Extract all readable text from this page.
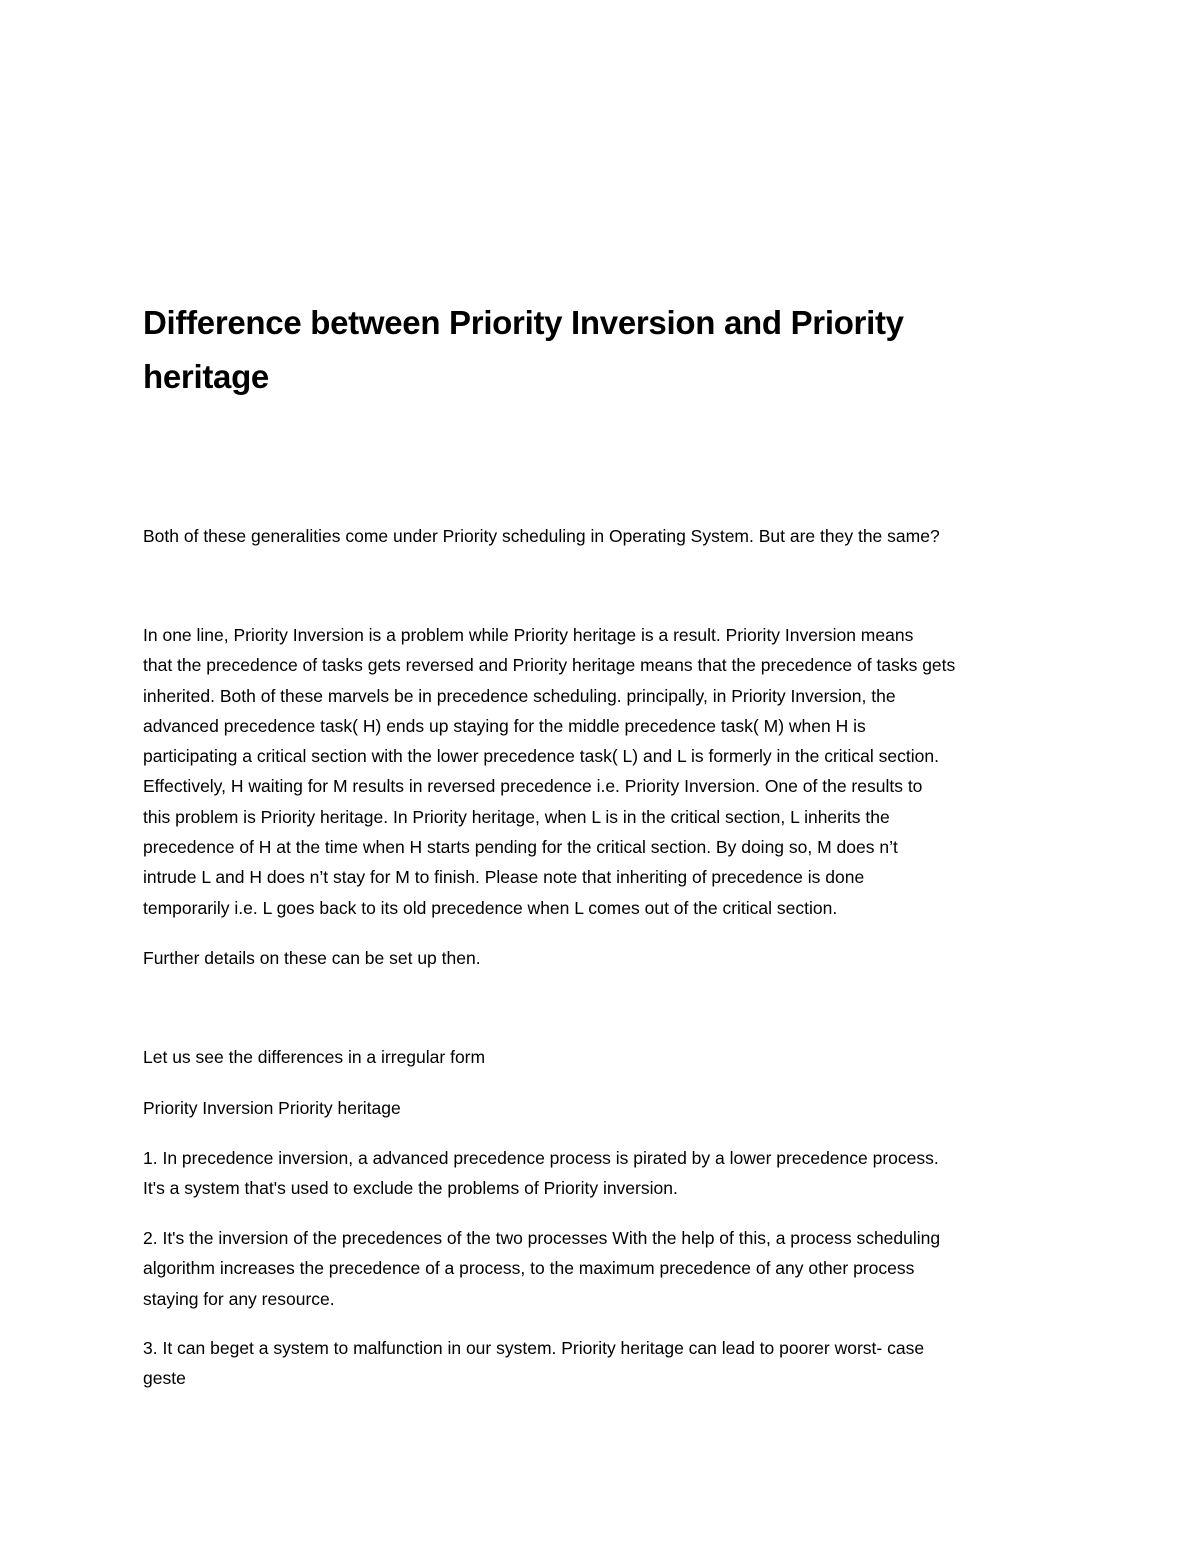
Difference between Priority Inversion and Priority
heritage

Both of these generalities come under Priority scheduling in Operating System. But are they the same?

In one line, Priority Inversion is a problem while Priority heritage is a result. Priority Inversion means
that the precedence of tasks gets reversed and Priority heritage means that the precedence of tasks gets
inherited. Both of these marvels be in precedence scheduling. principally, in Priority Inversion, the
advanced precedence task( H) ends up staying for the middle precedence task( M) when H is
participating a critical section with the lower precedence task( L) and L is formerly in the critical section.
Effectively, H waiting for M results in reversed precedence i.e. Priority Inversion. One of the results to
this problem is Priority heritage. In Priority heritage, when L is in the critical section, L inherits the
precedence of H at the time when H starts pending for the critical section. By doing so, M does n’t
intrude L and H does n’t stay for M to finish. Please note that inheriting of precedence is done
temporarily i.e. L goes back to its old precedence when L comes out of the critical section.

Further details on these can be set up then.

Let us see the differences in a irregular form

Priority Inversion Priority heritage

1. In precedence inversion, a advanced precedence process is pirated by a lower precedence process.
It's a system that's used to exclude the problems of Priority inversion.

2. It's the inversion of the precedences of the two processes With the help of this, a process scheduling
algorithm increases the precedence of a process, to the maximum precedence of any other process
staying for any resource.

3. It can beget a system to malfunction in our system. Priority heritage can lead to poorer worst- case
geste
